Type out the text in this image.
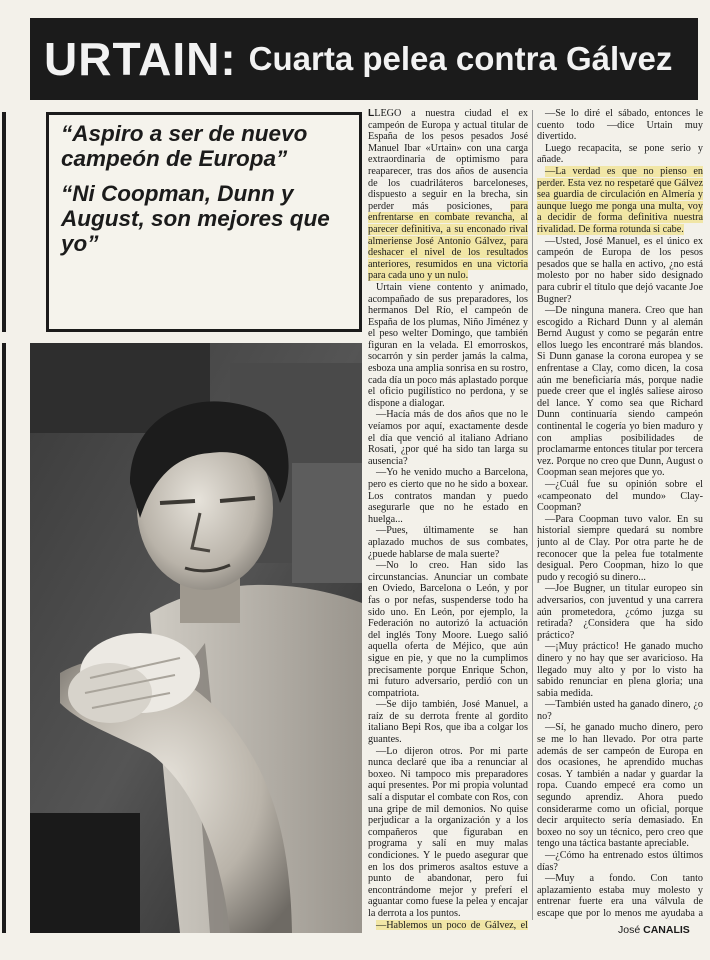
URTAIN: Cuarta pelea contra Gálvez

“Aspiro a ser de nuevo campeón de Europa”

“Ni Coopman, Dunn y August, son mejores que yo”

LLEGO a nuestra ciudad el ex campeón de Europa y actual titular de España de los pesos pesados José Manuel Ibar «Urtain» con una carga extraordinaria de optimismo para reaparecer, tras dos años de ausencia de los cuadriláteros barceloneses, dispuesto a seguir en la brecha, sin perder más posiciones, para enfrentarse en combate revancha, al parecer definitiva, a su enconado rival almeriense José Antonio Gálvez, para deshacer el nivel de los resultados anteriores, resumidos en una victoria para cada uno y un nulo.

Urtain viene contento y animado, acompañado de sus preparadores, los hermanos Del Río, el campeón de España de los plumas, Niño Jiménez y el peso welter Domingo, que también figuran en la velada. El emorroskos, socarrón y sin perder jamás la calma, esboza una amplia sonrisa en su rostro, cada día un poco más aplastado porque el oficio pugilístico no perdona, y se dispone a dialogar.

—Hacía más de dos años que no le veíamos por aquí, exactamente desde el día que venció al italiano Adriano Rosati, ¿por qué ha sido tan larga su ausencia?

—Yo he venido mucho a Barcelona, pero es cierto que no he sido a boxear. Los contratos mandan y puedo asegurarle que no he estado en huelga...

—Pues, últimamente se han aplazado muchos de sus combates, ¿puede hablarse de mala suerte?

—No lo creo. Han sido las circunstancias. Anunciar un combate en Oviedo, Barcelona o León, y por fas o por nefas, suspenderse todo ha sido uno. En León, por ejemplo, la Federación no autorizó la actuación del inglés Tony Moore. Luego salió aquella oferta de Méjico, que aún sigue en pie, y que no la cumplimos precisamente porque Enrique Schon, mi futuro adversario, perdió con un compatriota.

—Se dijo también, José Manuel, a raíz de su derrota frente al gordito italiano Bepi Ros, que iba a colgar los guantes.

—Lo dijeron otros. Por mi parte nunca declaré que iba a renunciar al boxeo. Ni tampoco mis preparadores aquí presentes. Por mi propia voluntad salí a disputar el combate con Ros, con una gripe de mil demonios. No quise perjudicar a la organización y a los compañeros que figuraban en programa y salí en muy malas condiciones. Y le puedo asegurar que en los dos primeros asaltos estuve a punto de abandonar, pero fui encontrándome mejor y preferí el aguantar como fuese la pelea y encajar la derrota a los puntos.

—Hablemos un poco de Gálvez, el

—Se lo diré el sábado, entonces le cuento todo —dice Urtain muy divertido.

Luego recapacita, se pone serio y añade.

—La verdad es que no pienso en perder. Esta vez no respetaré que Gálvez sea guardia de circulación en Almería y aunque luego me ponga una multa, voy a decidir de forma definitiva nuestra rivalidad. De forma rotunda si cabe.

—Usted, José Manuel, es el único ex campeón de Europa de los pesos pesados que se halla en activo, ¿no está molesto por no haber sido designado para cubrir el título que dejó vacante Joe Bugner?

—De ninguna manera. Creo que han escogido a Richard Dunn y al alemán Bernd August y como se pegarán entre ellos luego les encontraré más blandos. Si Dunn ganase la corona europea y se enfrentase a Clay, como dicen, la cosa aún me beneficiaría más, porque nadie puede creer que el inglés saliese airoso del lance. Y como sea que Richard Dunn continuaría siendo campeón continental le cogería yo bien maduro y con amplias posibilidades de proclamarme entonces titular por tercera vez. Porque no creo que Dunn, August o Coopman sean mejores que yo.

—¿Cuál fue su opinión sobre el «campeonato del mundo» Clay-Coopman?

—Para Coopman tuvo valor. En su historial siempre quedará su nombre junto al de Clay. Por otra parte he de reconocer que la pelea fue totalmente desigual. Pero Coopman, hizo lo que pudo y recogió su dinero...

—Joe Bugner, un titular europeo sin adversarios, con juventud y una carrera aún prometedora, ¿cómo juzga su retirada? ¿Considera que ha sido práctico?

—¡Muy práctico! He ganado mucho dinero y no hay que ser avaricioso. Ha llegado muy alto y por lo visto ha sabido renunciar en plena gloria; una sabia medida.

—También usted ha ganado dinero, ¿o no?

—Sí, he ganado mucho dinero, pero se me lo han llevado. Por otra parte además de ser campeón de Europa en dos ocasiones, he aprendido muchas cosas. Y también a nadar y guardar la ropa. Cuando empecé era como un segundo aprendiz. Ahora puedo considerarme como un oficial, porque decir arquitecto sería demasiado. En boxeo no soy un técnico, pero creo que tengo una táctica bastante apreciable.

—¿Cómo ha entrenado estos últimos días?

—Muy a fondo. Con tanto aplazamiento estaba muy molesto y entrenar fuerte era una válvula de escape que por lo menos me ayudaba a

José CANALIS
